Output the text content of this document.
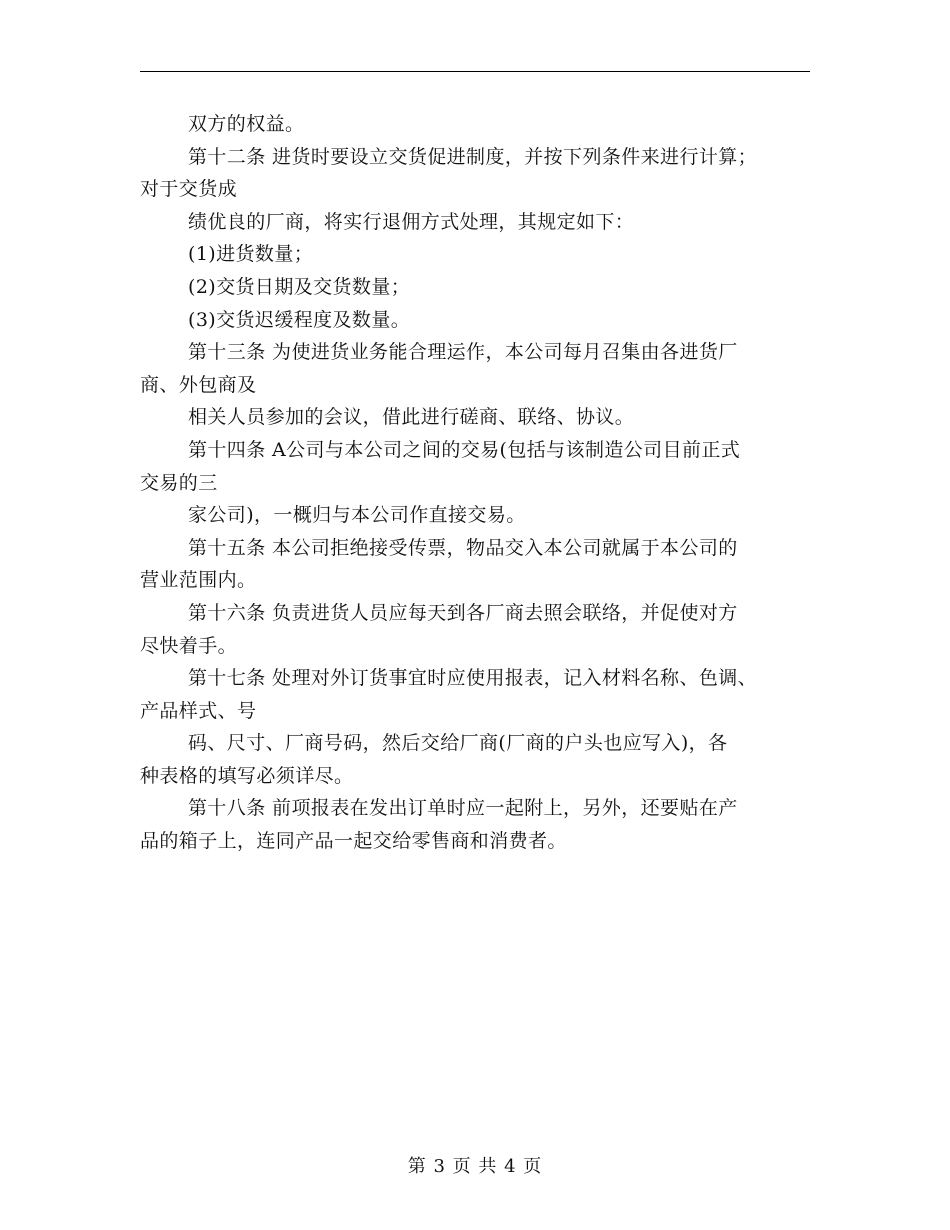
双方的权益。
第十二条 进货时要设立交货促进制度，并按下列条件来进行计算；
对于交货成
绩优良的厂商，将实行退佣方式处理，其规定如下：
(1)进货数量；
(2)交货日期及交货数量；
(3)交货迟缓程度及数量。
第十三条 为使进货业务能合理运作，本公司每月召集由各进货厂
商、外包商及
相关人员参加的会议，借此进行磋商、联络、协议。
第十四条 A公司与本公司之间的交易(包括与该制造公司目前正式
交易的三
家公司)，一概归与本公司作直接交易。
第十五条 本公司拒绝接受传票，物品交入本公司就属于本公司的
营业范围内。
第十六条 负责进货人员应每天到各厂商去照会联络，并促使对方
尽快着手。
第十七条 处理对外订货事宜时应使用报表，记入材料名称、色调、
产品样式、号
码、尺寸、厂商号码，然后交给厂商(厂商的户头也应写入)，各
种表格的填写必须详尽。
第十八条 前项报表在发出订单时应一起附上，另外，还要贴在产
品的箱子上，连同产品一起交给零售商和消费者。
第 3 页 共 4 页
